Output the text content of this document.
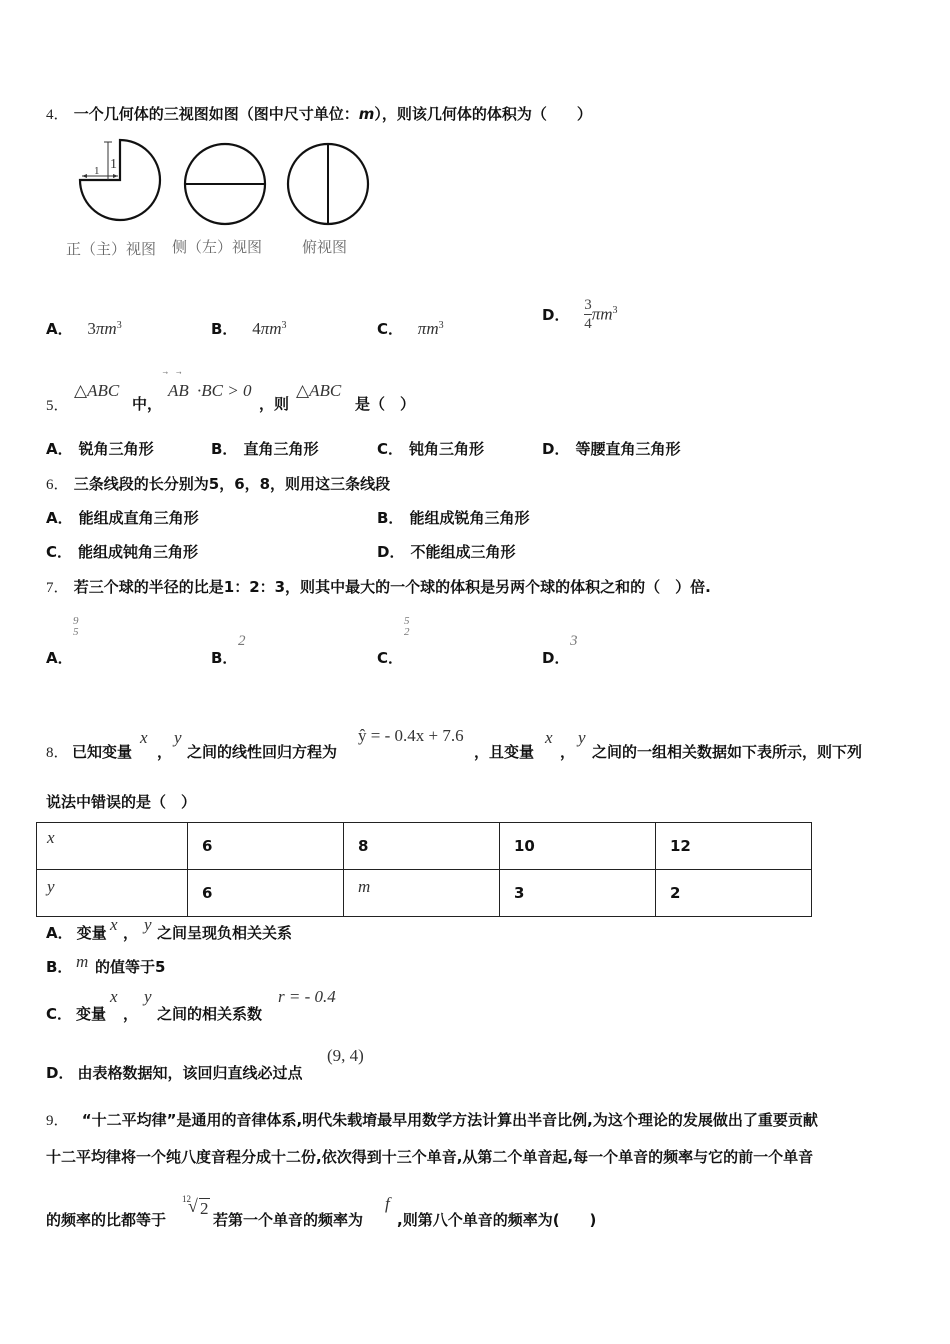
4． 一个几何体的三视图如图（图中尺寸单位：m），则该几何体的体积为（　　）
1
1
正（主）视图 侧（左）视图	俯视图
A． $3\pi m^3$	B． $4\pi m^3$	C． $\pi m^3$
D． $\frac{3}{4} \pi m^3$
5．
△ABC
中，
⃗ ⃗
AB ·BC > 0
，则
△ABC
是（　）
A． 锐角三角形	B． 直角三角形	C． 钝角三角形	D． 等腰直角三角形
6． 三条线段的长分别为5，6，8，则用这三条线段
A． 能组成直角三角形	B． 能组成锐角三角形
C． 能组成钝角三角形	D． 不能组成三角形
7． 若三个球的半径的比是1：2：3，则其中最大的一个球的体积是另两个球的体积之和的（　）倍.
A．
9
5
B．
2
C．
5
2
D．
3
8． 已知变量
x
，
y
之间的线性回归方程为
ŷ = - 0.4x + 7.6
，且变量
x
，
y
之间的一组相关数据如下表所示，则下列
说法中错误的是（　）
x	6	8	10	12
y	6	m	3	2
A． 变量 x ， y 之间呈现负相关关系
B． m 的值等于5
C． 变量
x
，
y
之间的相关系数
r = - 0.4
D． 由表格数据知，该回归直线必过点
(9, 4)
9． “十二平均律”是通用的音律体系,明代朱载堉最早用数学方法计算出半音比例,为这个理论的发展做出了重要贡献
十二平均律将一个纯八度音程分成十二份,依次得到十三个单音,从第二个单音起,每一个单音的频率与它的前一个单音
的频率的比都等于
12
√ 2
若第一个单音的频率为
f
,则第八个单音的频率为(　　)
